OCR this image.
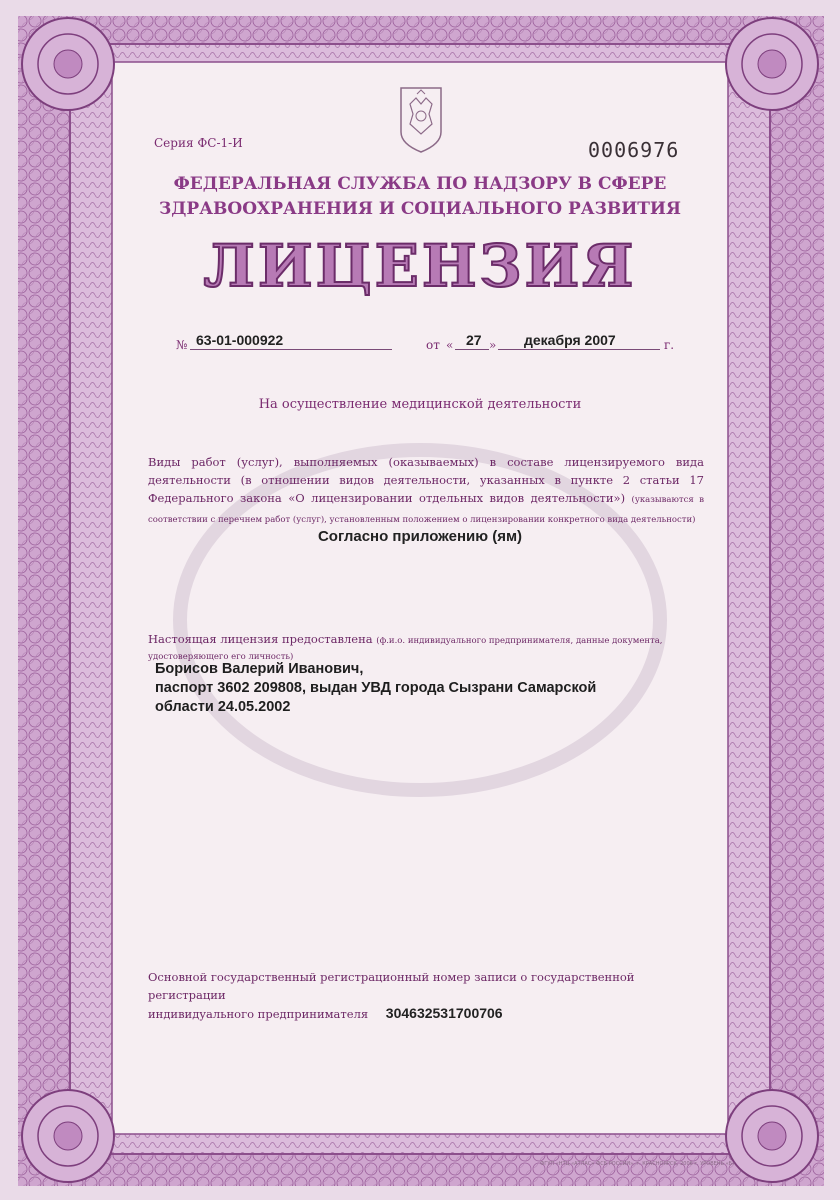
Серия ФС-1-И	0006976
ФЕДЕРАЛЬНАЯ СЛУЖБА ПО НАДЗОРУ В СФЕРЕ
ЗДРАВООХРАНЕНИЯ И СОЦИАЛЬНОГО РАЗВИТИЯ
ЛИЦЕНЗИЯ
№ 63-01-000922	от « 27 » декабря 2007	г.
На осуществление медицинской деятельности
Виды работ (услуг), выполняемых (оказываемых) в составе лицензируемого вида деятельности (в отношении видов деятельности, указанных в пункте 2 статьи 17 Федерального закона «О лицензировании отдельных видов деятельности») (указываются в соответствии с перечнем работ (услуг), установленным положением о лицензировании конкретного вида деятельности)
Согласно приложению (ям)
Настоящая лицензия предоставлена (ф.и.о. индивидуального предпринимателя, данные документа, удостоверяющего его личность)
Борисов Валерий Иванович,
паспорт 3602 209808, выдан УВД города Сызрани Самарской
области 24.05.2002
Основной государственный регистрационный номер записи о государственной регистрации
индивидуального предпринимателя 304632531700706
ФГУП «НТЦ «АТЛАС» ФСБ РОССИИ», г. КРАСНОЯРСК, 2006 г. УРОВЕНЬ «Б»
